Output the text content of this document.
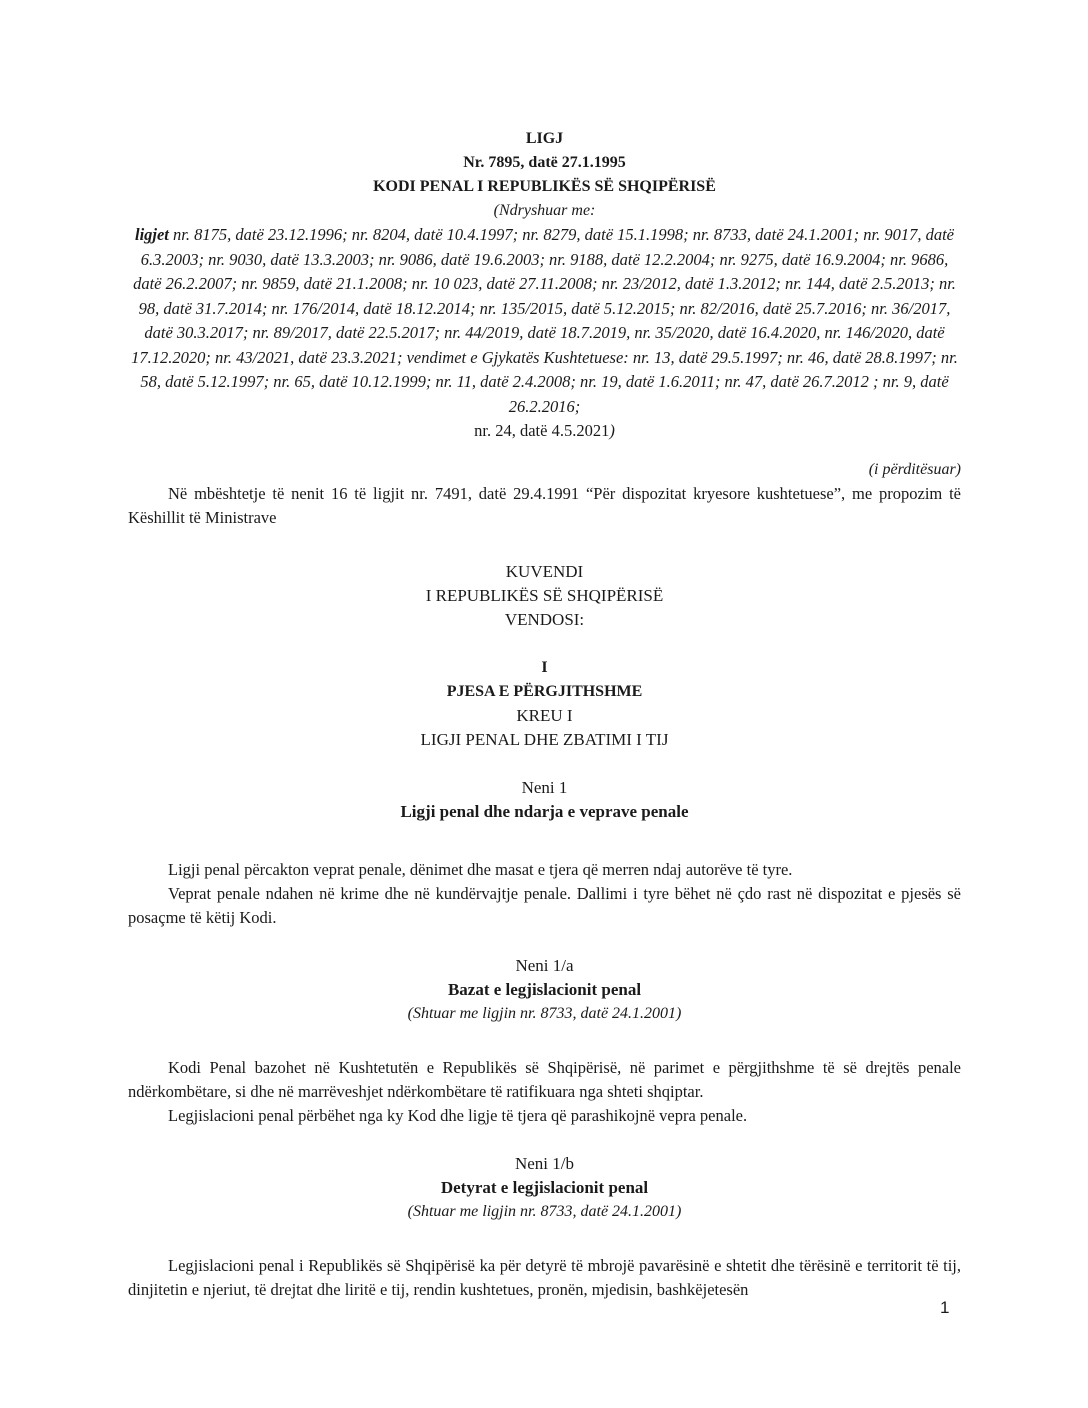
LIGJ
Nr. 7895, datë 27.1.1995
KODI PENAL I REPUBLIKËS SË SHQIPËRISË
(Ndryshuar me:
ligjet nr. 8175, datë 23.12.1996; nr. 8204, datë 10.4.1997; nr. 8279, datë 15.1.1998; nr. 8733, datë 24.1.2001; nr. 9017, datë 6.3.2003; nr. 9030, datë 13.3.2003; nr. 9086, datë 19.6.2003; nr. 9188, datë 12.2.2004; nr. 9275, datë 16.9.2004; nr. 9686, datë 26.2.2007; nr. 9859, datë 21.1.2008; nr. 10 023, datë 27.11.2008; nr. 23/2012, datë 1.3.2012; nr. 144, datë 2.5.2013; nr. 98, datë 31.7.2014; nr. 176/2014, datë 18.12.2014; nr. 135/2015, datë 5.12.2015; nr. 82/2016, datë 25.7.2016; nr. 36/2017, datë 30.3.2017; nr. 89/2017, datë 22.5.2017; nr. 44/2019, datë 18.7.2019, nr. 35/2020, datë 16.4.2020, nr. 146/2020, datë 17.12.2020; nr. 43/2021, datë 23.3.2021; vendimet e Gjykatës Kushtetuese: nr. 13, datë 29.5.1997; nr. 46, datë 28.8.1997; nr. 58, datë 5.12.1997; nr. 65, datë 10.12.1999; nr. 11, datë 2.4.2008; nr. 19, datë 1.6.2011; nr. 47, datë 26.7.2012 ; nr. 9, datë 26.2.2016;
nr. 24, datë 4.5.2021)
(i përditësuar)

Në mbështetje të nenit 16 të ligjit nr. 7491, datë 29.4.1991 “Për dispozitat kryesore kushtetuese”, me propozim të Këshillit të Ministrave

KUVENDI
I REPUBLIKËS SË SHQIPËRISË
VENDOSI:
I
PJESA E PËRGJITHSHME
KREU I
LIGJI PENAL DHE ZBATIMI I TIJ
Neni 1
Ligji penal dhe ndarja e veprave penale

Ligji penal përcakton veprat penale, dënimet dhe masat e tjera që merren ndaj autorëve të tyre.

Veprat penale ndahen në krime dhe në kundërvajtje penale. Dallimi i tyre bëhet në çdo rast në dispozitat e pjesës së posaçme të këtij Kodi.

Neni 1/a
Bazat e legjislacionit penal
(Shtuar me ligjin nr. 8733, datë 24.1.2001)

Kodi Penal bazohet në Kushtetutën e Republikës së Shqipërisë, në parimet e përgjithshme të së drejtës penale ndërkombëtare, si dhe në marrëveshjet ndërkombëtare të ratifikuara nga shteti shqiptar.

Legjislacioni penal përbëhet nga ky Kod dhe ligje të tjera që parashikojnë vepra penale.

Neni 1/b
Detyrat e legjislacionit penal
(Shtuar me ligjin nr. 8733, datë 24.1.2001)

Legjislacioni penal i Republikës së Shqipërisë ka për detyrë të mbrojë pavarësinë e shtetit dhe tërësinë e territorit të tij, dinjitetin e njeriut, të drejtat dhe liritë e tij, rendin kushtetues, pronën, mjedisin, bashkëjetesën

1
